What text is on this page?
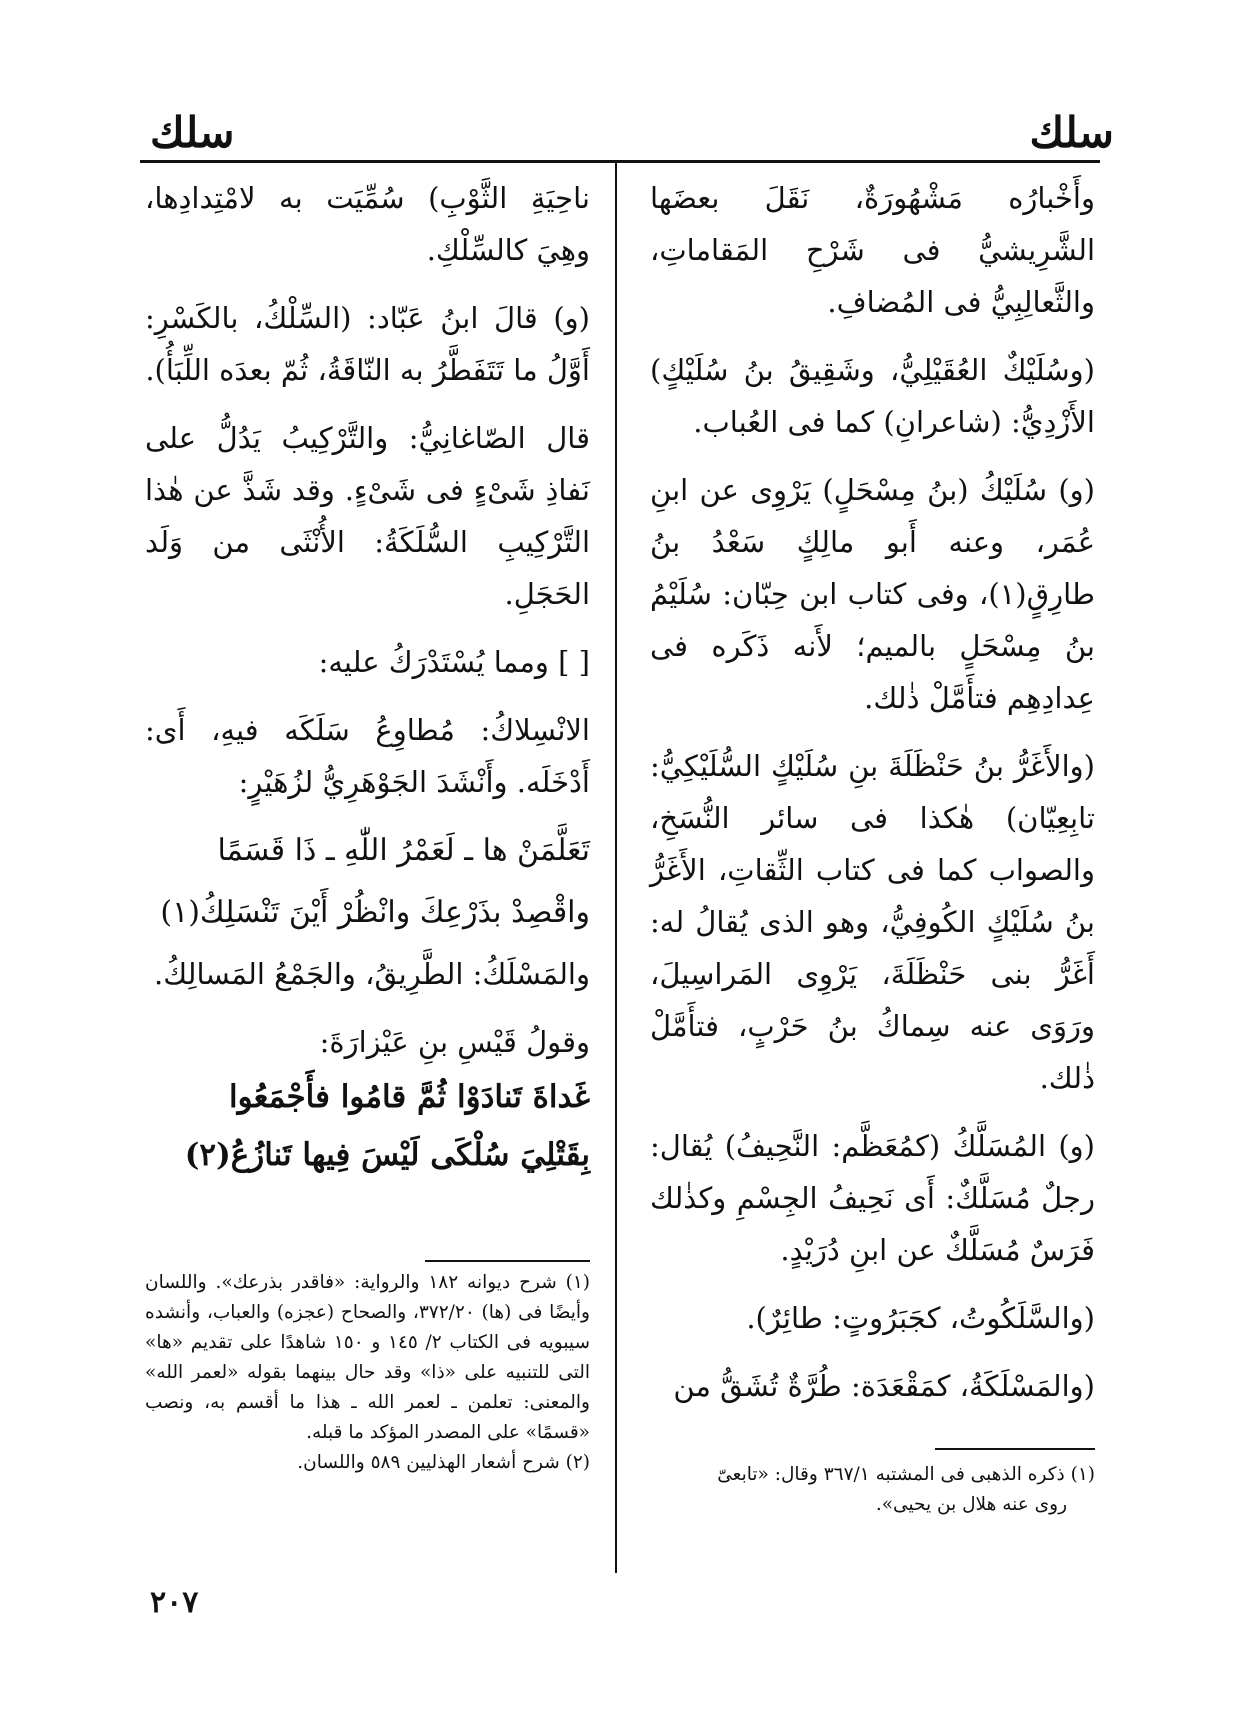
سلك
سلك

وأَخْبارُه مَشْهُورَةٌ، نَقَلَ بعضَها الشَّرِيشيُّ فى شَرْحِ المَقاماتِ، والثَّعالِبِيُّ فى المُضافِ.

(وسُلَيْكٌ العُقَيْلِيُّ، وشَقِيقُ بنُ سُلَيْكٍ) الأَزْدِيُّ: (شاعرانِ) كما فى العُباب.

(و) سُلَيْكُ (بنُ مِسْحَلٍ) يَرْوِى عن ابنِ عُمَر، وعنه أَبو مالِكٍ سَعْدُ بنُ طارِقٍ(١)، وفى كتاب ابن حِبّان: سُلَيْمُ بنُ مِسْحَلٍ بالميم؛ لأَنه ذَكَره فى عِدادِهِم فتأَمَّلْ ذٰلك.

(والأَغَرُّ بنُ حَنْظَلَةَ بنِ سُلَيْكٍ السُّلَيْكِيُّ: تابِعِيّان) هٰكذا فى سائر النُّسَخِ، والصواب كما فى كتاب الثِّقاتِ، الأَغَرُّ بنُ سُلَيْكٍ الكُوفِيُّ، وهو الذى يُقالُ له: أَغَرُّ بنى حَنْظَلَةَ، يَرْوِى المَراسِيلَ، ورَوَى عنه سِماكُ بنُ حَرْبٍ، فتأَمَّلْ ذٰلك.

(و) المُسَلَّكُ (كمُعَظَّم: النَّحِيفُ) يُقال: رجلٌ مُسَلَّكٌ: أَى نَحِيفُ الجِسْمِ وكذٰلك فَرَسٌ مُسَلَّكٌ عن ابنِ دُرَيْدٍ.

(والسَّلَكُوتُ، كجَبَرُوتٍ: طائِرٌ).

(والمَسْلَكَةُ، كمَقْعَدَة: طُرَّةٌ تُشَقُّ من

ناحِيَةِ الثَّوْبِ) سُمِّيَت به لامْتِدادِها، وهِيَ كالسِّلْكِ.

(و) قالَ ابنُ عَبّاد: (السِّلْكُ، بالكَسْرِ: أَوَّلُ ما تَتَفَطَّرُ به النّاقَةُ، ثُمّ بعدَه اللِّبَأُ).

قال الصّاغانِيُّ: والتَّرْكِيبُ يَدُلُّ على نَفاذِ شَىْءٍ فى شَىْءٍ. وقد شَذَّ عن هٰذا التَّرْكِيبِ السُّلَكَةُ: الأُنْثَى من وَلَد الحَجَلِ.

[ ] ومما يُسْتَدْرَكُ عليه:

الانْسِلاكُ: مُطاوِعُ سَلَكَه فيهِ، أَى: أَدْخَلَه. وأَنْشَدَ الجَوْهَرِيُّ لزُهَيْرٍ:

تَعَلَّمَنْ ها ـ لَعَمْرُ اللّٰهِ ـ ذَا قَسَمًا

واقْصِدْ بذَرْعِكَ وانْظُرْ أَيْنَ تَنْسَلِكُ(١)

والمَسْلَكُ: الطَّرِيقُ، والجَمْعُ المَسالِكُ.

وقولُ قَيْسِ بنِ عَيْزارَةَ:

غَداةَ تَنادَوْا ثُمَّ قامُوا فأَجْمَعُوا

بِقَتْلِيَ سُلْكَى لَيْسَ فِيها تَنازُعُ(٢)

(١) ذكره الذهبى فى المشتبه ٣٦٧/١ وقال: «تابعىّ

روى عنه هلال بن يحيى».

(١) شرح ديوانه ١٨٢ والرواية: «فاقدر بذرعك». واللسان وأيضًا فى (ها) ٣٧٢/٢٠، والصحاح (عجزه) والعباب، وأنشده سيبويه فى الكتاب ٢/ ١٤٥ و ١٥٠ شاهدًا على تقديم «ها» التى للتنبيه على «ذا» وقد حال بينهما بقوله «لعمر الله» والمعنى: تعلمن ـ لعمر الله ـ هذا ما أقسم به، ونصب «قسمًا» على المصدر المؤكد ما قبله.

(٢) شرح أشعار الهذليين ٥٨٩ واللسان.

٢٠٧
